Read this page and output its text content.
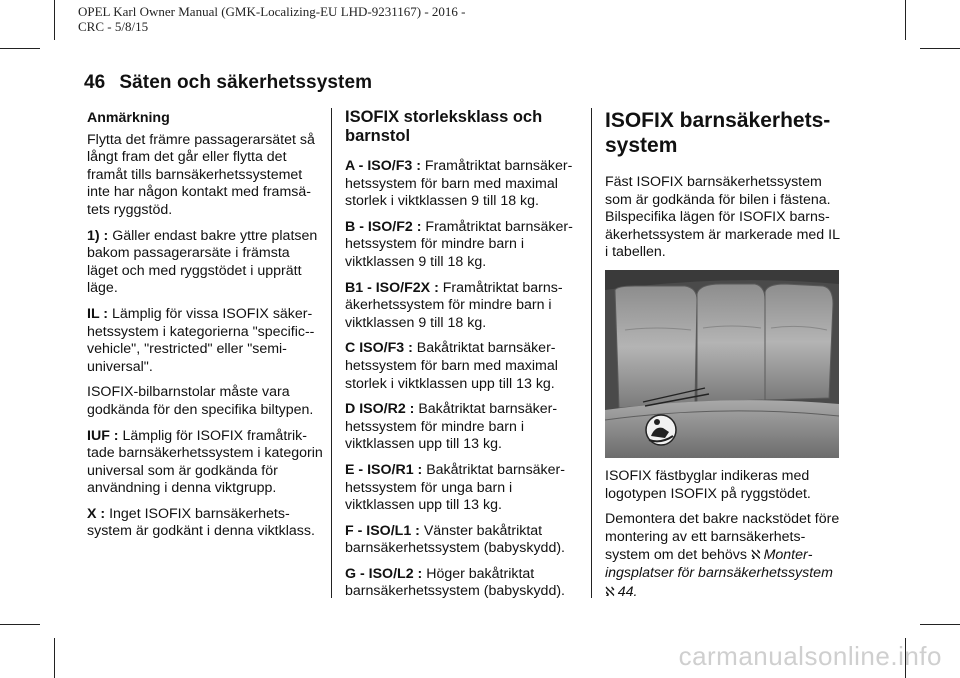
OPEL Karl Owner Manual (GMK-Localizing-EU LHD-9231167) - 2016 -
CRC - 5/8/15
46 Säten och säkerhetssystem

Anmärkning

Flytta det främre passagerarsätet så långt fram det går eller flytta det framåt tills barnsäkerhetssystemet inte har någon kontakt med framsätets ryggstöd.

1) : Gäller endast bakre yttre platsen bakom passagerarsäte i främsta läget och med ryggstödet i upprätt läge.

IL : Lämplig för vissa ISOFIX säkerhetssystem i kategorierna "specific-vehicle", "restricted" eller "semi-universal".

ISOFIX-bilbarnstolar måste vara godkända för den specifika biltypen.

IUF : Lämplig för ISOFIX framåtriktade barnsäkerhetssystem i kategorin universal som är godkända för användning i denna viktgrupp.

X : Inget ISOFIX barnsäkerhetssystem är godkänt i denna viktklass.

ISOFIX storleksklass och barnstol

A - ISO/F3 : Framåtriktat barnsäkerhetssystem för barn med maximal storlek i viktklassen 9 till 18 kg.

B - ISO/F2 : Framåtriktat barnsäkerhetssystem för mindre barn i viktklassen 9 till 18 kg.

B1 - ISO/F2X : Framåtriktat barnsäkerhetssystem för mindre barn i viktklassen 9 till 18 kg.

C ISO/F3 : Bakåtriktat barnsäkerhetssystem för barn med maximal storlek i viktklassen upp till 13 kg.

D ISO/R2 : Bakåtriktat barnsäkerhetssystem för mindre barn i viktklassen upp till 13 kg.

E - ISO/R1 : Bakåtriktat barnsäkerhetssystem för unga barn i viktklassen upp till 13 kg.

F - ISO/L1 : Vänster bakåtriktat barnsäkerhetssystem (babyskydd).

G - ISO/L2 : Höger bakåtriktat barnsäkerhetssystem (babyskydd).

ISOFIX barnsäkerhetssystem

Fäst ISOFIX barnsäkerhetssystem som är godkända för bilen i fästena. Bilspecifika lägen för ISOFIX barnsäkerhetssystem är markerade med IL i tabellen.

ISOFIX fästbyglar indikeras med logotypen ISOFIX på ryggstödet.

Demontera det bakre nackstödet före montering av ett barnsäkerhetssystem om det behövs ℵ Monteringsplatser för barnsäkerhetssystem
ℵ 44.

carmanualsonline.info
